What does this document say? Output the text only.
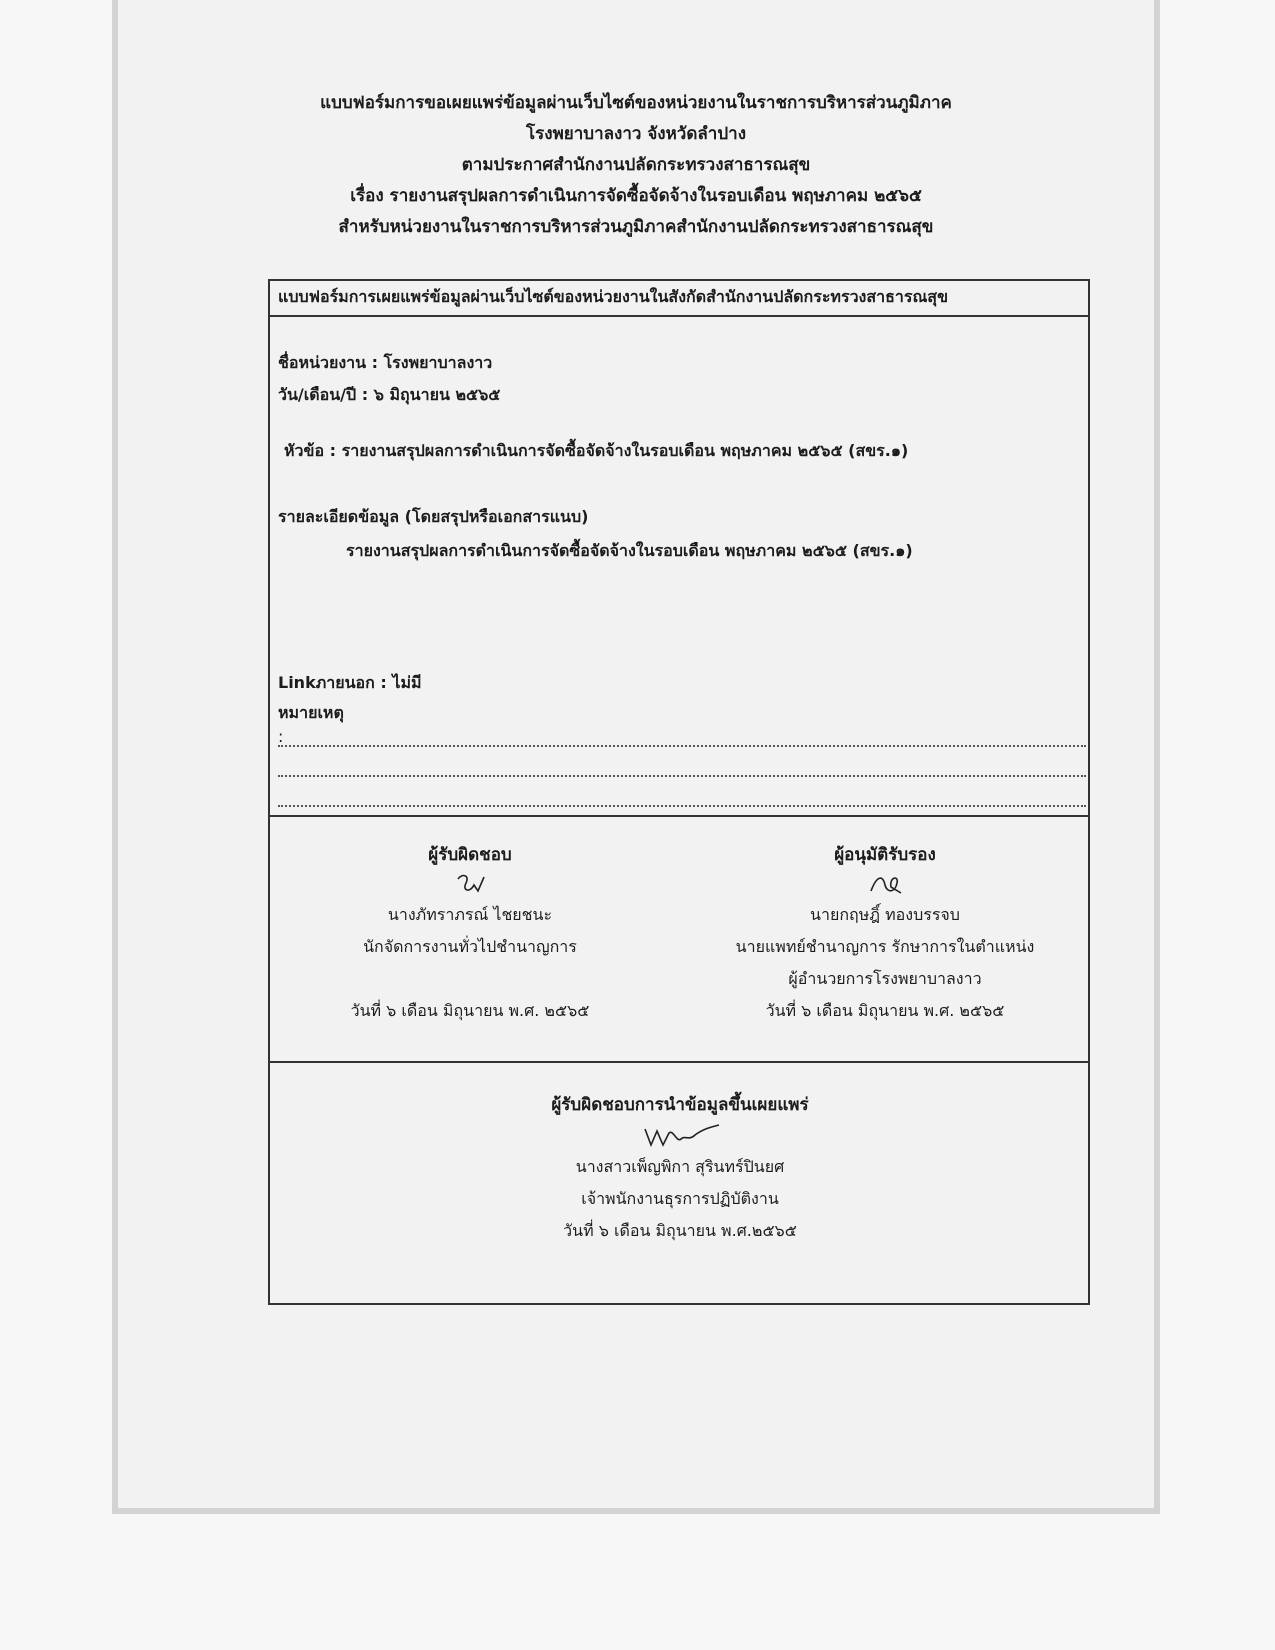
แบบฟอร์มการขอเผยแพร่ข้อมูลผ่านเว็บไซต์ของหน่วยงานในราชการบริหารส่วนภูมิภาค
โรงพยาบาลงาว จังหวัดลำปาง
ตามประกาศสำนักงานปลัดกระทรวงสาธารณสุข
เรื่อง รายงานสรุปผลการดำเนินการจัดซื้อจัดจ้างในรอบเดือน พฤษภาคม ๒๕๖๕
สำหรับหน่วยงานในราชการบริหารส่วนภูมิภาคสำนักงานปลัดกระทรวงสาธารณสุข
แบบฟอร์มการเผยแพร่ข้อมูลผ่านเว็บไซต์ของหน่วยงานในสังกัดสำนักงานปลัดกระทรวงสาธารณสุข
ชื่อหน่วยงาน : โรงพยาบาลงาว
วัน/เดือน/ปี : ๖ มิถุนายน ๒๕๖๕
หัวข้อ : รายงานสรุปผลการดำเนินการจัดซื้อจัดจ้างในรอบเดือน พฤษภาคม ๒๕๖๕ (สขร.๑)
รายละเอียดข้อมูล (โดยสรุปหรือเอกสารแนบ)
รายงานสรุปผลการดำเนินการจัดซื้อจัดจ้างในรอบเดือน พฤษภาคม ๒๕๖๕ (สขร.๑)
Linkภายนอก : ไม่มี
หมายเหตุ
:
ผู้รับผิดชอบ
นางภัทราภรณ์ ไชยชนะ
นักจัดการงานทั่วไปชำนาญการ
วันที่ ๖ เดือน มิถุนายน พ.ศ. ๒๕๖๕
ผู้อนุมัติรับรอง
นายกฤษฎิ์ ทองบรรจบ
นายแพทย์ชำนาญการ รักษาการในตำแหน่ง
ผู้อำนวยการโรงพยาบาลงาว
วันที่ ๖ เดือน มิถุนายน พ.ศ. ๒๕๖๕
ผู้รับผิดชอบการนำข้อมูลขึ้นเผยแพร่
นางสาวเพ็ญพิกา สุรินทร์ปินยศ
เจ้าพนักงานธุรการปฏิบัติงาน
วันที่ ๖ เดือน มิถุนายน พ.ศ.๒๕๖๕
